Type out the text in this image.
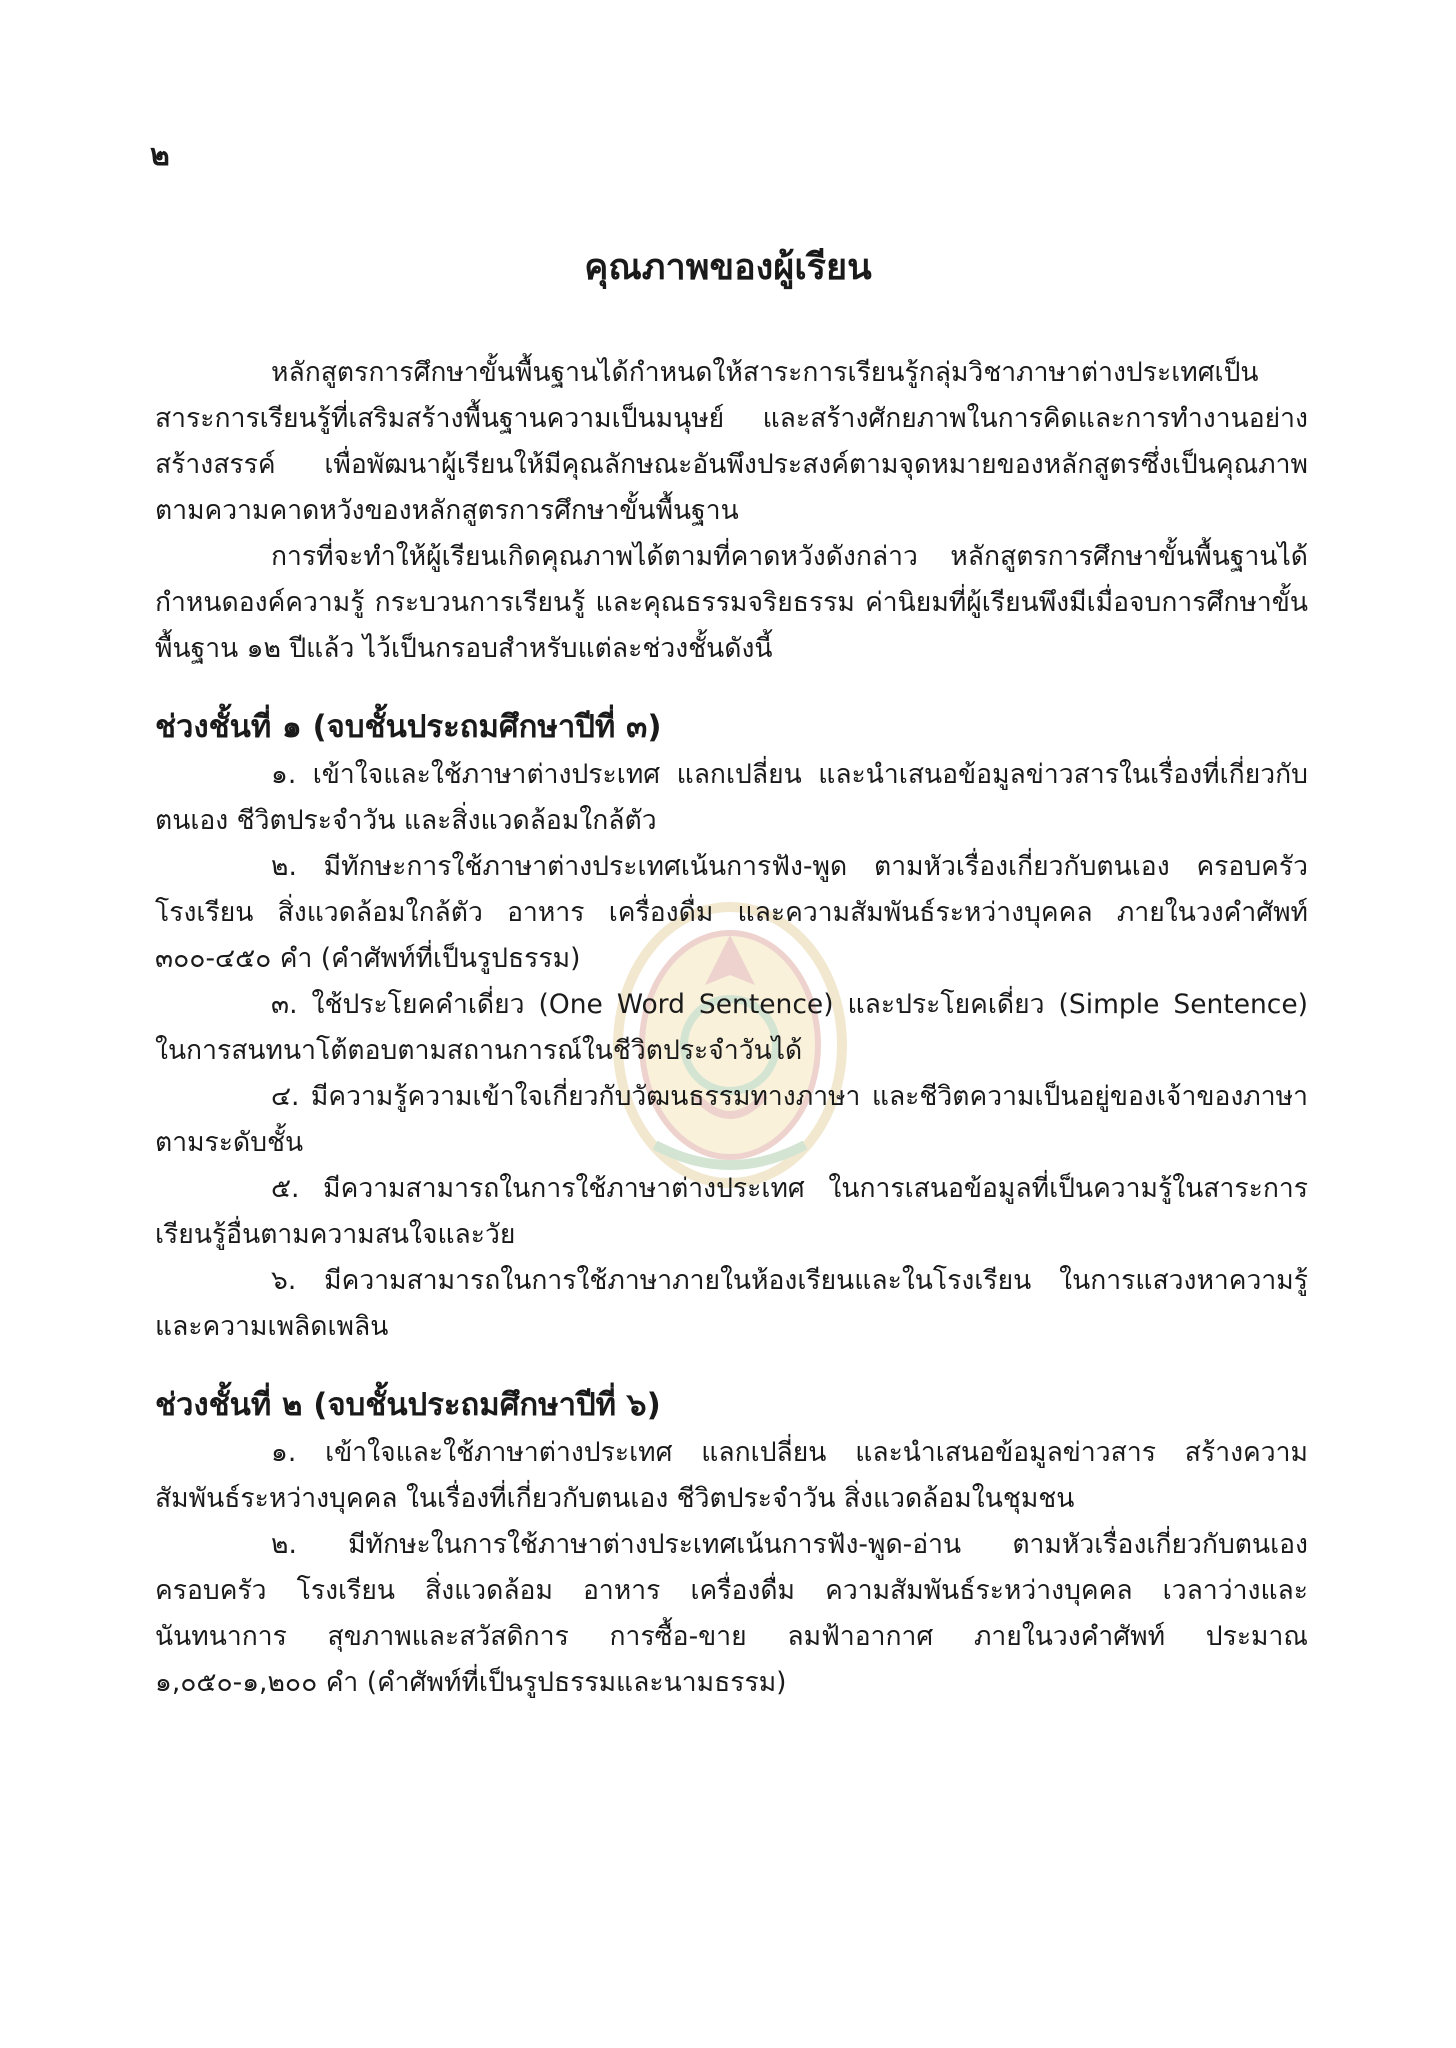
๒
คุณภาพของผู้เรียน

หลักสูตรการศึกษาขั้นพื้นฐานได้กำหนดให้สาระการเรียนรู้กลุ่มวิชาภาษาต่างประเทศเป็นสาระการเรียนรู้ที่เสริมสร้างพื้นฐานความเป็นมนุษย์ และสร้างศักยภาพในการคิดและการทำงานอย่างสร้างสรรค์ เพื่อพัฒนาผู้เรียนให้มีคุณลักษณะอันพึงประสงค์ตามจุดหมายของหลักสูตรซึ่งเป็นคุณภาพตามความคาดหวังของหลักสูตรการศึกษาขั้นพื้นฐาน

การที่จะทำให้ผู้เรียนเกิดคุณภาพได้ตามที่คาดหวังดังกล่าว หลักสูตรการศึกษาขั้นพื้นฐานได้กำหนดองค์ความรู้ กระบวนการเรียนรู้ และคุณธรรมจริยธรรม ค่านิยมที่ผู้เรียนพึงมีเมื่อจบการศึกษาขั้นพื้นฐาน ๑๒ ปีแล้ว ไว้เป็นกรอบสำหรับแต่ละช่วงชั้นดังนี้

ช่วงชั้นที่ ๑ (จบชั้นประถมศึกษาปีที่ ๓)

๑. เข้าใจและใช้ภาษาต่างประเทศ แลกเปลี่ยน และนำเสนอข้อมูลข่าวสารในเรื่องที่เกี่ยวกับตนเอง ชีวิตประจำวัน และสิ่งแวดล้อมใกล้ตัว

๒. มีทักษะการใช้ภาษาต่างประเทศเน้นการฟัง-พูด ตามหัวเรื่องเกี่ยวกับตนเอง ครอบครัว โรงเรียน สิ่งแวดล้อมใกล้ตัว อาหาร เครื่องดื่ม และความสัมพันธ์ระหว่างบุคคล ภายในวงคำศัพท์ ๓๐๐-๔๕๐ คำ (คำศัพท์ที่เป็นรูปธรรม)

๓. ใช้ประโยคคำเดี่ยว (One Word Sentence) และประโยคเดี่ยว (Simple Sentence) ในการสนทนาโต้ตอบตามสถานการณ์ในชีวิตประจำวันได้

๔. มีความรู้ความเข้าใจเกี่ยวกับวัฒนธรรมทางภาษา และชีวิตความเป็นอยู่ของเจ้าของภาษาตามระดับชั้น

๕. มีความสามารถในการใช้ภาษาต่างประเทศ ในการเสนอข้อมูลที่เป็นความรู้ในสาระการเรียนรู้อื่นตามความสนใจและวัย

๖. มีความสามารถในการใช้ภาษาภายในห้องเรียนและในโรงเรียน ในการแสวงหาความรู้และความเพลิดเพลิน

ช่วงชั้นที่ ๒ (จบชั้นประถมศึกษาปีที่ ๖)

๑. เข้าใจและใช้ภาษาต่างประเทศ แลกเปลี่ยน และนำเสนอข้อมูลข่าวสาร สร้างความสัมพันธ์ระหว่างบุคคล ในเรื่องที่เกี่ยวกับตนเอง ชีวิตประจำวัน สิ่งแวดล้อมในชุมชน

๒. มีทักษะในการใช้ภาษาต่างประเทศเน้นการฟัง-พูด-อ่าน ตามหัวเรื่องเกี่ยวกับตนเอง ครอบครัว โรงเรียน สิ่งแวดล้อม อาหาร เครื่องดื่ม ความสัมพันธ์ระหว่างบุคคล เวลาว่างและนันทนาการ สุขภาพและสวัสดิการ การซื้อ-ขาย ลมฟ้าอากาศ ภายในวงคำศัพท์ ประมาณ ๑,๐๕๐-๑,๒๐๐ คำ (คำศัพท์ที่เป็นรูปธรรมและนามธรรม)
